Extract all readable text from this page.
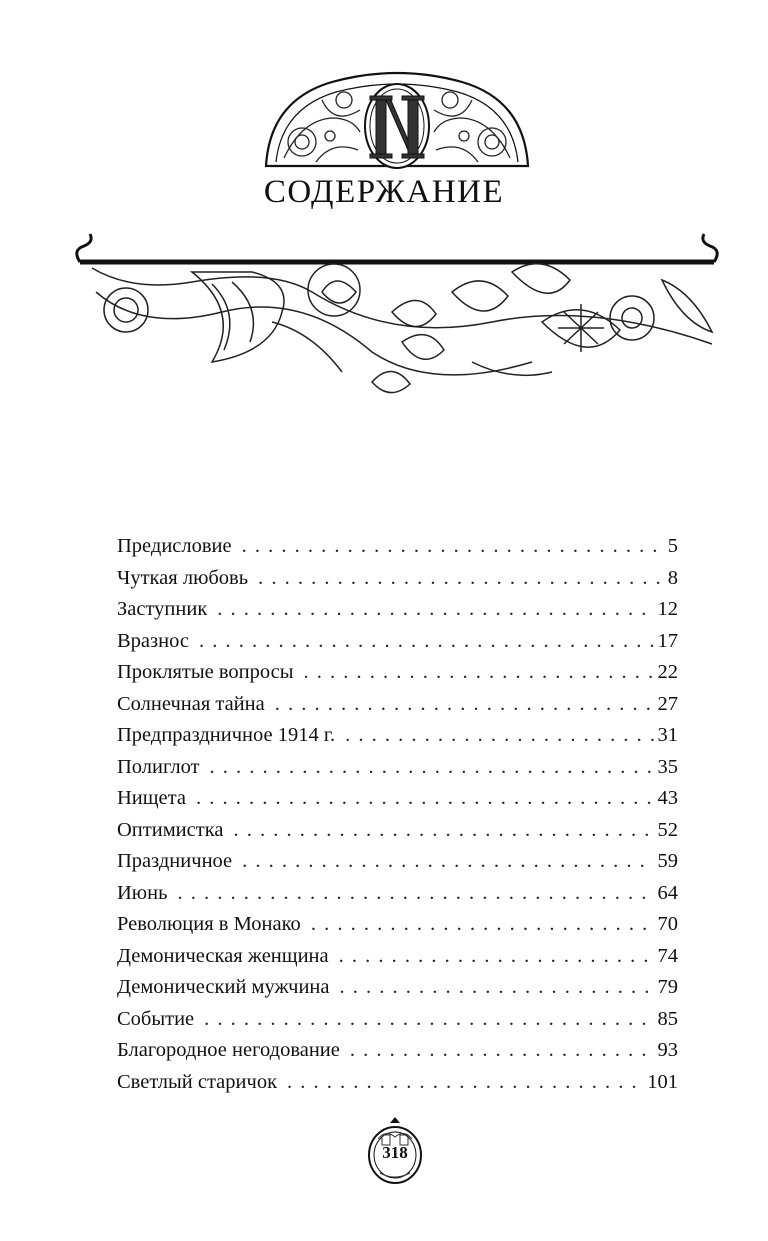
СОДЕРЖАНИЕ
Предисловие . . .	5
Чуткая любовь . . .	8
Заступник . . .	12
Вразнос . . .	17
Проклятые вопросы . . .	22
Солнечная тайна . . .	27
Предпраздничное 1914 г. . . .	31
Полиглот . . .	35
Нищета . . .	43
Оптимистка . . .	52
Праздничное . . .	59
Июнь . . .	64
Революция в Монако . . .	70
Демоническая женщина . . .	74
Демонический мужчина . . .	79
Событие . . .	85
Благородное негодование . . .	93
Светлый старичок . . .	101
318
